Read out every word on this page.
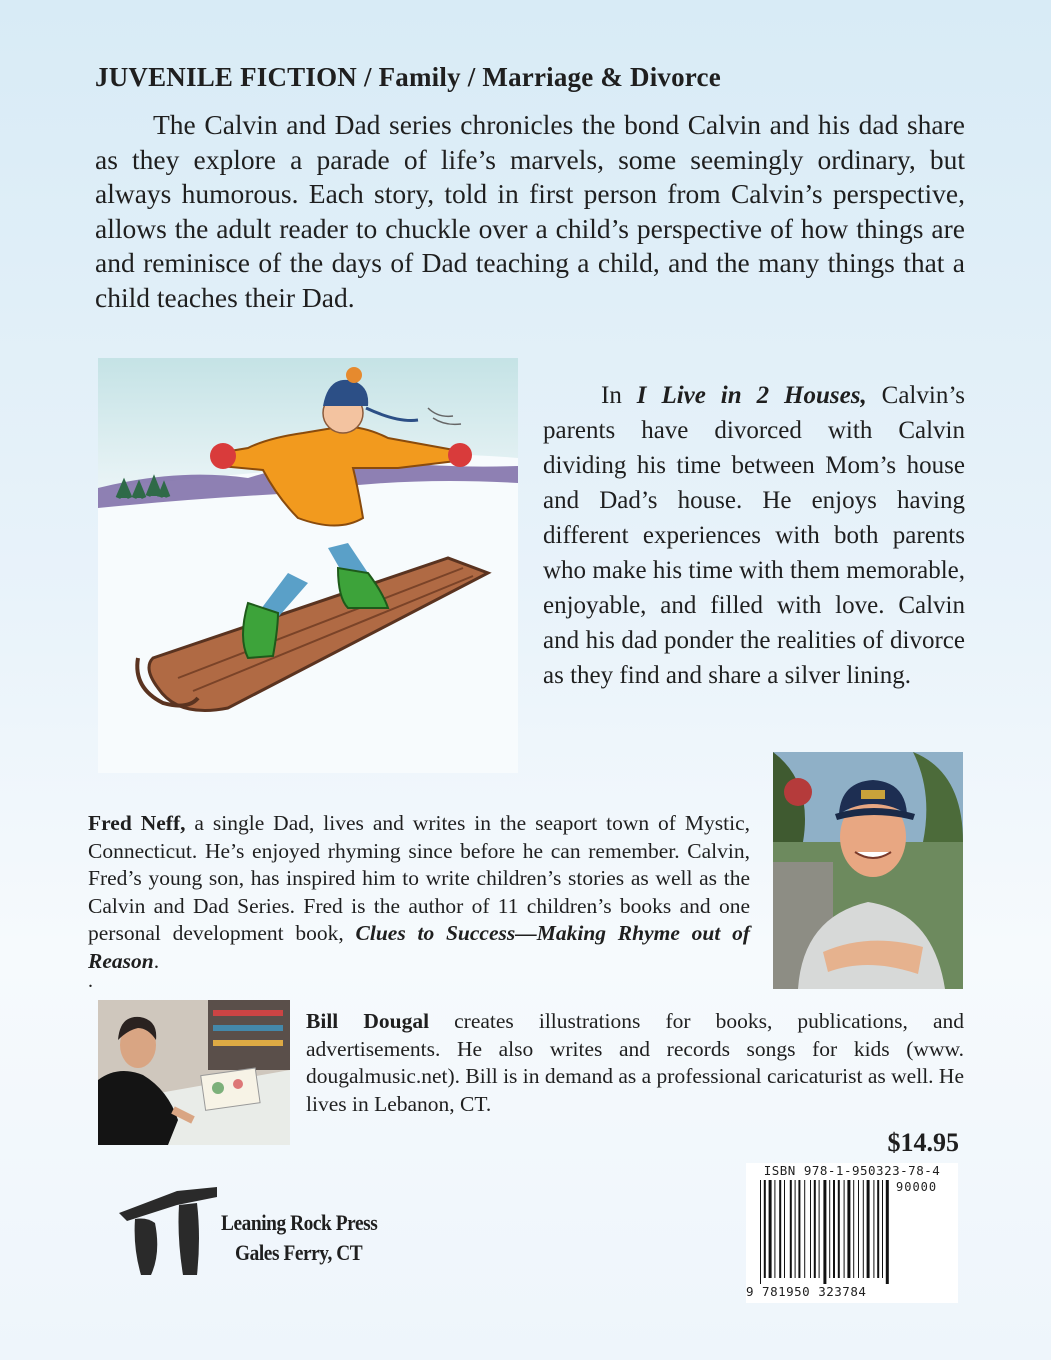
JUVENILE FICTION / Family / Marriage & Divorce

The Calvin and Dad series chronicles the bond Calvin and his dad share as they explore a parade of life’s marvels, some seemingly ordinary, but always humorous. Each story, told in first person from Calvin’s perspective, allows the adult reader to chuckle over a child’s perspective of how things are and reminisce of the days of Dad teaching a child, and the many things that a child teaches their Dad.

In I Live in 2 Houses, Calvin’s parents have divorced with Calvin dividing his time between Mom’s house and Dad’s house. He enjoys having different experiences with both parents who make his time with them memorable, enjoyable, and filled with love. Calvin and his dad ponder the realities of divorce as they find and share a silver lining.

Fred Neff, a single Dad, lives and writes in the seaport town of Mystic, Connecticut. He’s enjoyed rhyming since before he can remember. Calvin, Fred’s young son, has inspired him to write children’s stories as well as the Calvin and Dad Series. Fred is the author of 11 children’s books and one personal development book, Clues to Success—Making Rhyme out of Reason.

.

Bill Dougal creates illustrations for books, publications, and advertisements. He also writes and records songs for kids (www. dougalmusic.net). Bill is in demand as a professional caricaturist as well. He lives in Lebanon, CT.

$14.95
ISBN 978-1-950323-78-4
90000
9 781950 323784
Leaning Rock Press
Gales Ferry, CT
